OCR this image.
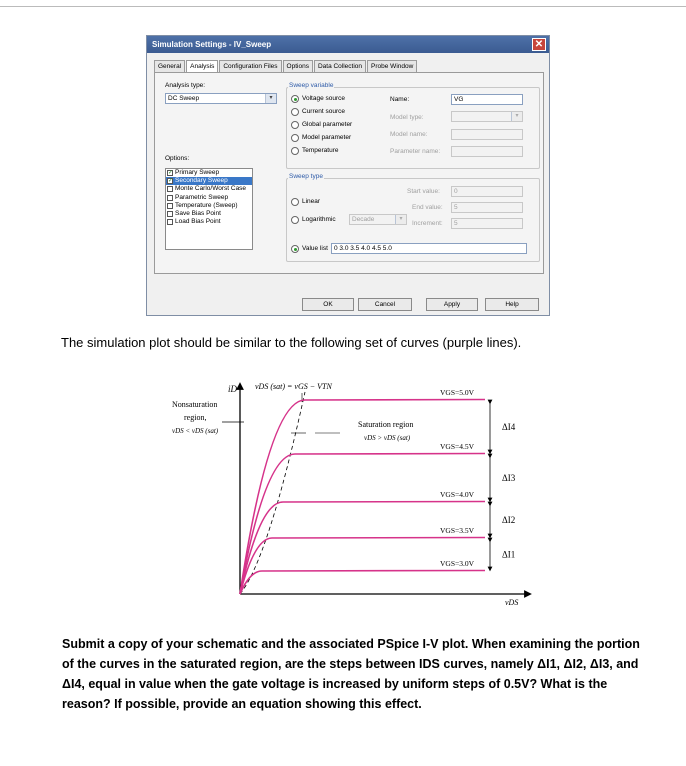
Simulation Settings - IV_Sweep	✕
General	Analysis	Configuration Files	Options	Data Collection	Probe Window
Analysis type:
DC Sweep	▾
Options:
✓ Primary Sweep
✓ Secondary Sweep
Monte Carlo/Worst Case
Parametric Sweep
Temperature (Sweep)
Save Bias Point
Load Bias Point
Sweep variable
Voltage source
Current source
Global parameter
Model parameter
Temperature
Name:	VG
Model type:	▾
Model name:
Parameter name:
Sweep type
Linear
Logarithmic	Decade	▾
Start value:	0
End value:	5
Increment:	5
Value list 0 3.0 3.5 4.0 4.5 5.0
OK	Cancel	Apply	Help
The simulation plot should be similar to the following set of curves (purple lines).
iD
vDS
vDS (sat) = vGS − VTN
Nonsaturation
region,
vDS < vDS (sat)
Saturation region
vDS > vDS (sat)
VGS=5.0V
VGS=4.5V
VGS=4.0V
VGS=3.5V
VGS=3.0V
ΔI4
ΔI3
ΔI2
ΔI1
Submit a copy of your schematic and the associated PSpice I-V plot. When examining the portion of the curves in the saturated region, are the steps between IDS curves, namely ΔI1, ΔI2, ΔI3, and ΔI4, equal in value when the gate voltage is increased by uniform steps of 0.5V? What is the reason? If possible, provide an equation showing this effect.
